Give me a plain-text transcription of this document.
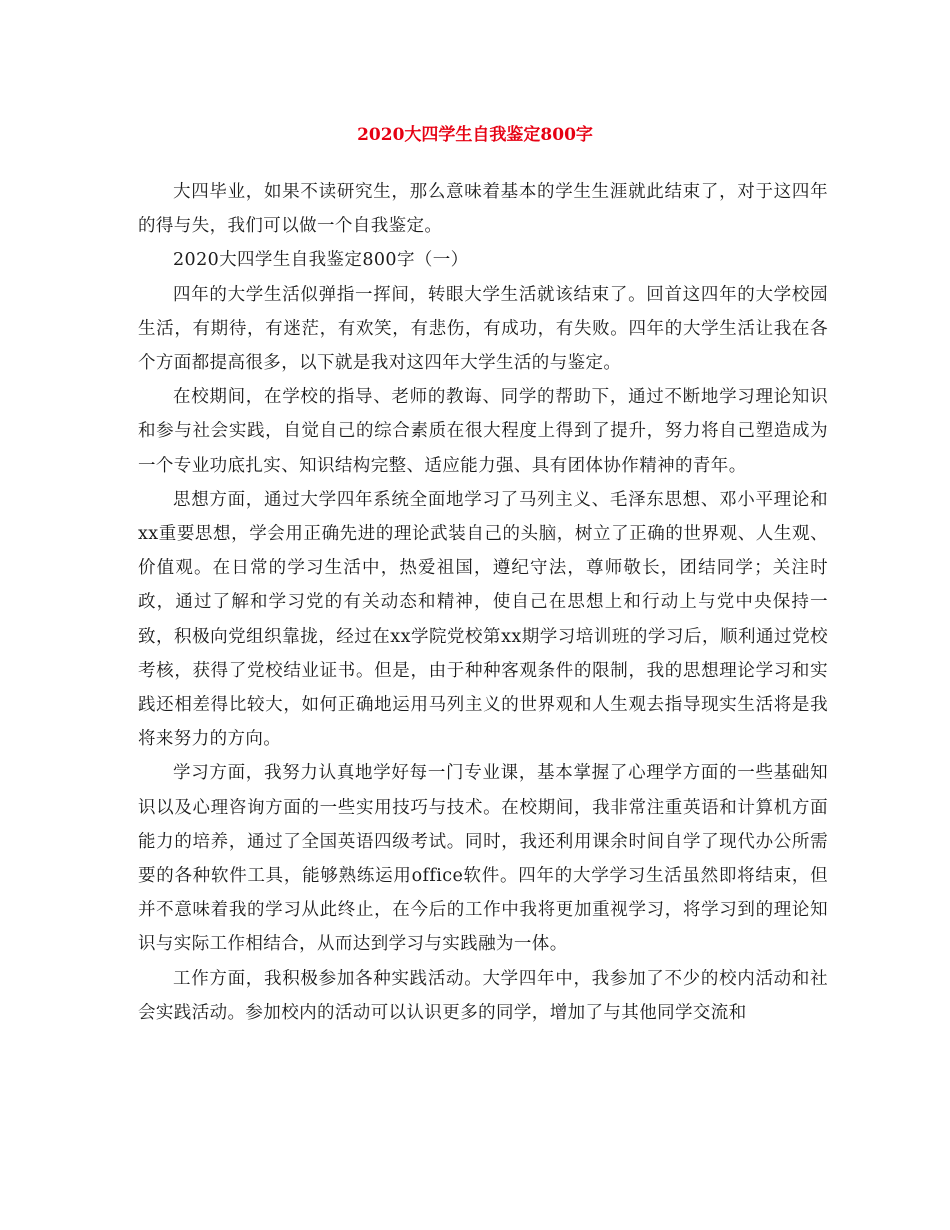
2020大四学生自我鉴定800字

大四毕业，如果不读研究生，那么意味着基本的学生生涯就此结束了，对于这四年的得与失，我们可以做一个自我鉴定。

2020大四学生自我鉴定800字（一）

四年的大学生活似弹指一挥间，转眼大学生活就该结束了。回首这四年的大学校园生活，有期待，有迷茫，有欢笑，有悲伤，有成功，有失败。四年的大学生活让我在各个方面都提高很多，以下就是我对这四年大学生活的与鉴定。

在校期间，在学校的指导、老师的教诲、同学的帮助下，通过不断地学习理论知识和参与社会实践，自觉自己的综合素质在很大程度上得到了提升，努力将自己塑造成为一个专业功底扎实、知识结构完整、适应能力强、具有团体协作精神的青年。

思想方面，通过大学四年系统全面地学习了马列主义、毛泽东思想、邓小平理论和xx重要思想，学会用正确先进的理论武装自己的头脑，树立了正确的世界观、人生观、价值观。在日常的学习生活中，热爱祖国，遵纪守法，尊师敬长，团结同学；关注时政，通过了解和学习党的有关动态和精神，使自己在思想上和行动上与党中央保持一致，积极向党组织靠拢，经过在xx学院党校第xx期学习培训班的学习后，顺利通过党校考核，获得了党校结业证书。但是，由于种种客观条件的限制，我的思想理论学习和实践还相差得比较大，如何正确地运用马列主义的世界观和人生观去指导现实生活将是我将来努力的方向。

学习方面，我努力认真地学好每一门专业课，基本掌握了心理学方面的一些基础知识以及心理咨询方面的一些实用技巧与技术。在校期间，我非常注重英语和计算机方面能力的培养，通过了全国英语四级考试。同时，我还利用课余时间自学了现代办公所需要的各种软件工具，能够熟练运用office软件。四年的大学学习生活虽然即将结束，但并不意味着我的学习从此终止，在今后的工作中我将更加重视学习，将学习到的理论知识与实际工作相结合，从而达到学习与实践融为一体。

工作方面，我积极参加各种实践活动。大学四年中，我参加了不少的校内活动和社会实践活动。参加校内的活动可以认识更多的同学，增加了与其他同学交流和
